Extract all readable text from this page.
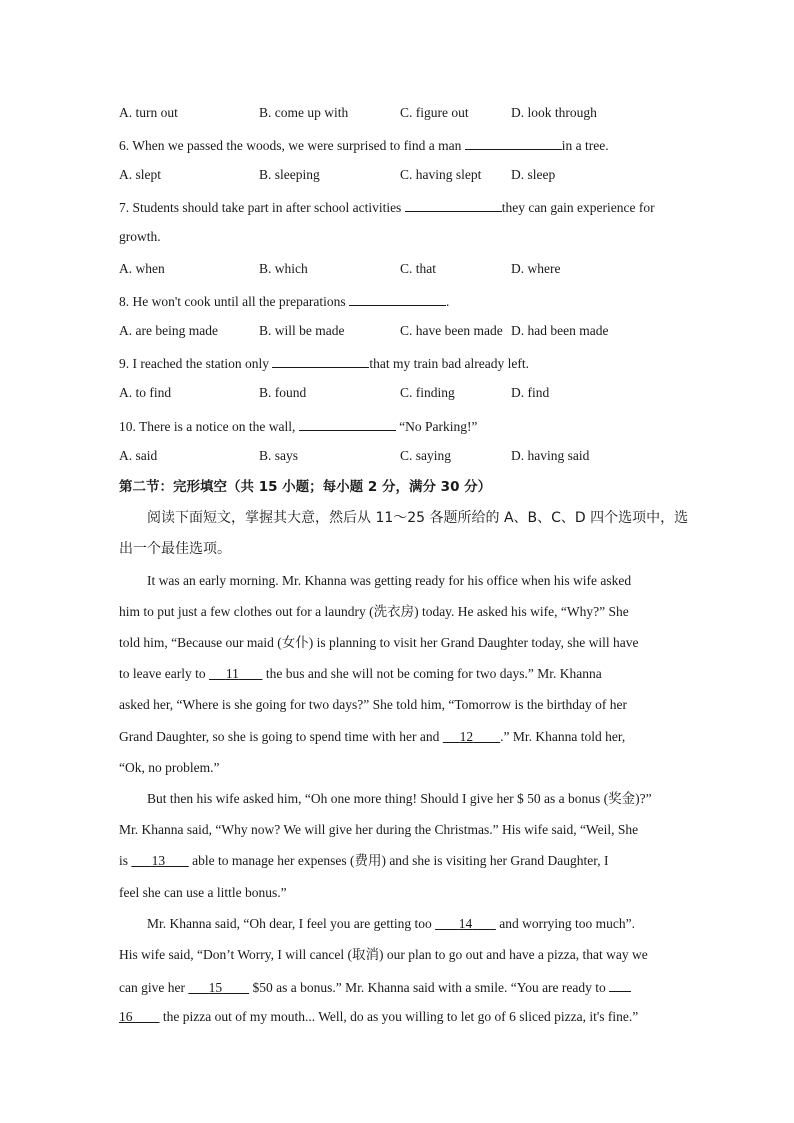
A. turn out	B. come up with	C. figure out	D. look through
6. When we passed the woods, we were surprised to find a man	in a tree.
A. slept	B. sleeping	C. having slept D. sleep
7. Students should take part in after school activities	they can gain experience for
growth.
A. when	B. which	C. that	D. where
8. He won't cook until all the preparations	.
A. are being made	B. will be made	C. have been made D. had been made
9. I reached the station only	that my train bad already left.
A. to find	B. found	C. finding	D. find
10. There is a notice on the wall,	“No Parking!”
A. said	B. says	C. saying	D. having said
第二节：完形填空（共 15 小题；每小题 2 分，满分 30 分）
阅读下面短文，掌握其大意，然后从 11～25 各题所给的 A、B、C、D 四个选项中，选
出一个最佳选项。
It was an early morning. Mr. Khanna was getting ready for his office when his wife asked
him to put just a few clothes out for a laundry (洗衣房) today. He asked his wife, “Why?” She
told him, “Because our maid (女仆) is planning to visit her Grand Daughter today, she will have
to leave early to      11        the bus and she will not be coming for two days.” Mr. Khanna
asked her, “Where is she going for two days?” She told him, “Tomorrow is the birthday of her
Grand Daughter, so she is going to spend time with her and      12 .” Mr. Khanna told her,
“Ok, no problem.”
But then his wife asked him, “Oh one more thing! Should I give her $ 50 as a bonus (奖金)?”
Mr. Khanna said, “Why now? We will give her during the Christmas.” His wife said, “Weil, She
is       13        able to manage her expenses (费用) and she is visiting her Grand Daughter, I
feel she can use a little bonus.”
Mr. Khanna said, “Oh dear, I feel you are getting too        14        and worrying too much”.
His wife said, “Don’t Worry, I will cancel (取消) our plan to go out and have a pizza, that way we
can give her       15         $50 as a bonus.” Mr. Khanna said with a smile. “You are ready to
16         the pizza out of my mouth... Well, do as you willing to let go of 6 sliced pizza, it's fine.”
